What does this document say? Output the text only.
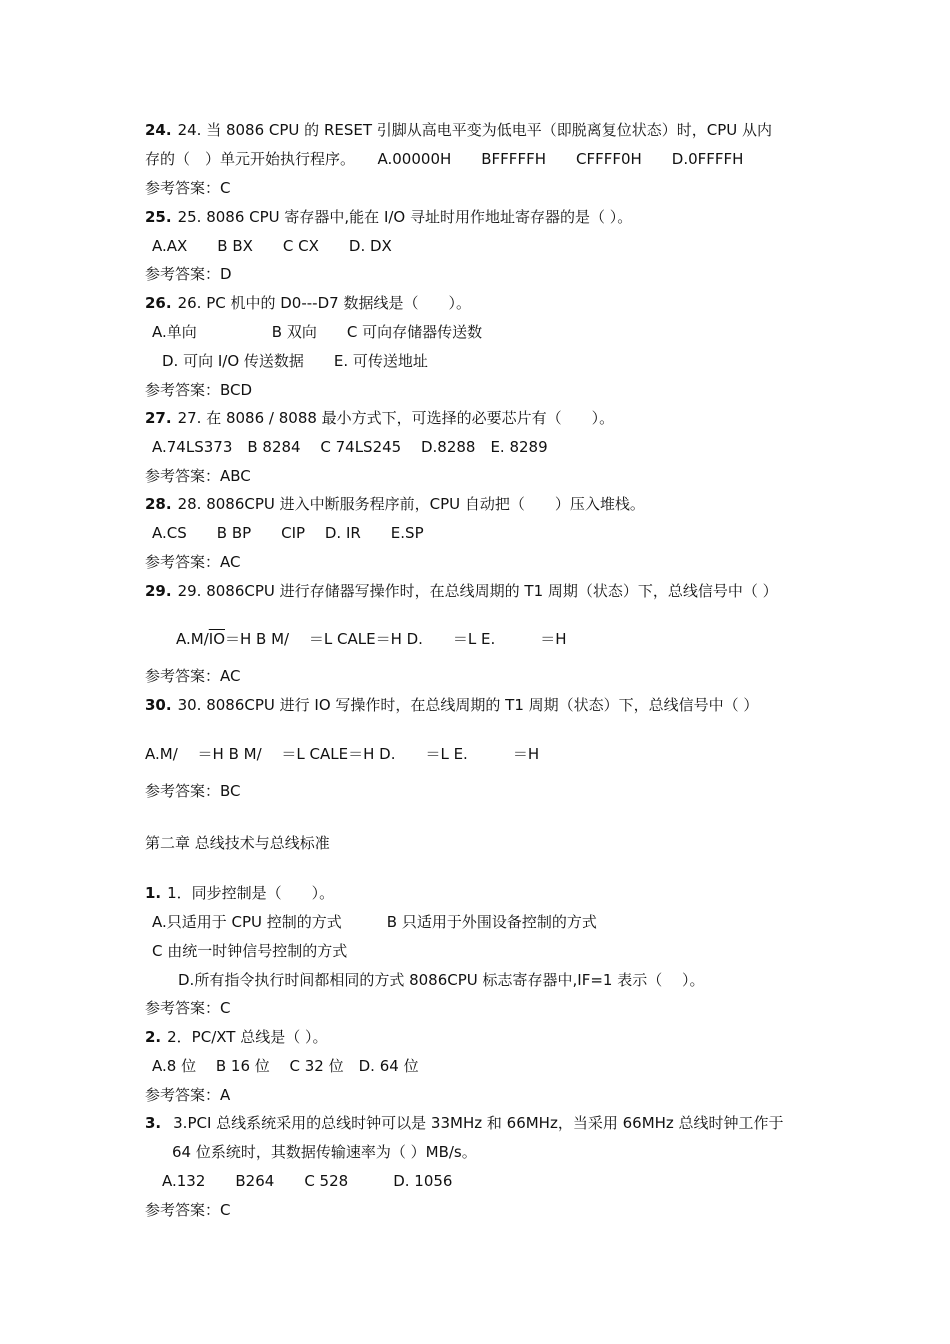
24. 24. 当 8086 CPU 的 RESET 引脚从高电平变为低电平（即脱离复位状态）时，CPU 从内
存的（　）单元开始执行程序。　　A.00000H　　BFFFFFH　　CFFFF0H　　D.0FFFFH
参考答案：C
25. 25. 8086 CPU 寄存器中,能在 I/O 寻址时用作地址寄存器的是（ ）。
A.AX　　B BX　　C CX　　D. DX
参考答案：D
26. 26. PC 机中的 D0---D7 数据线是（　　）。
A.单向　　　　　B 双向　　C 可向存储器传送数
D. 可向 I/O 传送数据　　E. 可传送地址
参考答案：BCD
27. 27. 在 8086 / 8088 最小方式下，可选择的必要芯片有（　　）。
A.74LS373　B 8284　 C 74LS245　 D.8288　E. 8289
参考答案：ABC
28. 28. 8086CPU 进入中断服务程序前，CPU 自动把（　　）压入堆栈。
A.CS　　B BP　　CIP　 D. IR　　E.SP
参考答案：AC
29. 29. 8086CPU 进行存储器写操作时，在总线周期的 T1 周期（状态）下，总线信号中（ ）
$A.M/\overline{IO}=H$ B M/　 ＝L CALE＝H D.　　＝L E.　　　＝H
参考答案：AC
30. 30. 8086CPU 进行 IO 写操作时，在总线周期的 T1 周期（状态）下，总线信号中（ ）
A.M/　 ＝H B M/　 ＝L CALE＝H D.　　＝L E.　　　＝H
参考答案：BC
第二章 总线技术与总线标准
1. 1．同步控制是（　　）。
A.只适用于 CPU 控制的方式　　　B 只适用于外围设备控制的方式
C 由统一时钟信号控制的方式
D.所有指令执行时间都相同的方式 8086CPU 标志寄存器中,IF=1 表示（　 ）。
参考答案：C
2. 2．PC/XT 总线是（ ）。
A.8 位　 B 16 位　 C 32 位　D. 64 位
参考答案：A
3. 3.PCI 总线系统采用的总线时钟可以是 33MHz 和 66MHz，当采用 66MHz 总线时钟工作于
64 位系统时，其数据传输速率为（ ）MB/s。
A.132　　B264　　C 528　　　D. 1056
参考答案：C
